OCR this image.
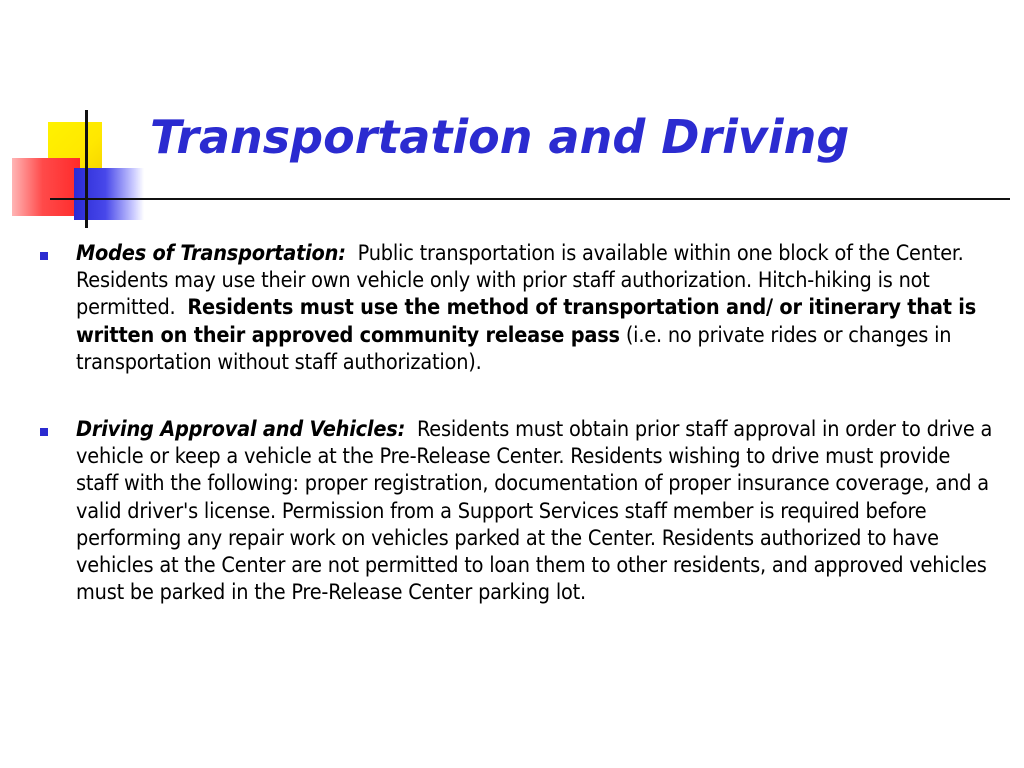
Transportation and Driving
Modes of Transportation: Public transportation is available within one block of the Center. Residents may use their own vehicle only with prior staff authorization. Hitch-hiking is not permitted. Residents must use the method of transportation and/ or itinerary that is written on their approved community release pass (i.e. no private rides or changes in transportation without staff authorization).
Driving Approval and Vehicles: Residents must obtain prior staff approval in order to drive a vehicle or keep a vehicle at the Pre-Release Center. Residents wishing to drive must provide staff with the following: proper registration, documentation of proper insurance coverage, and a valid driver's license. Permission from a Support Services staff member is required before performing any repair work on vehicles parked at the Center. Residents authorized to have vehicles at the Center are not permitted to loan them to other residents, and approved vehicles must be parked in the Pre-Release Center parking lot.
